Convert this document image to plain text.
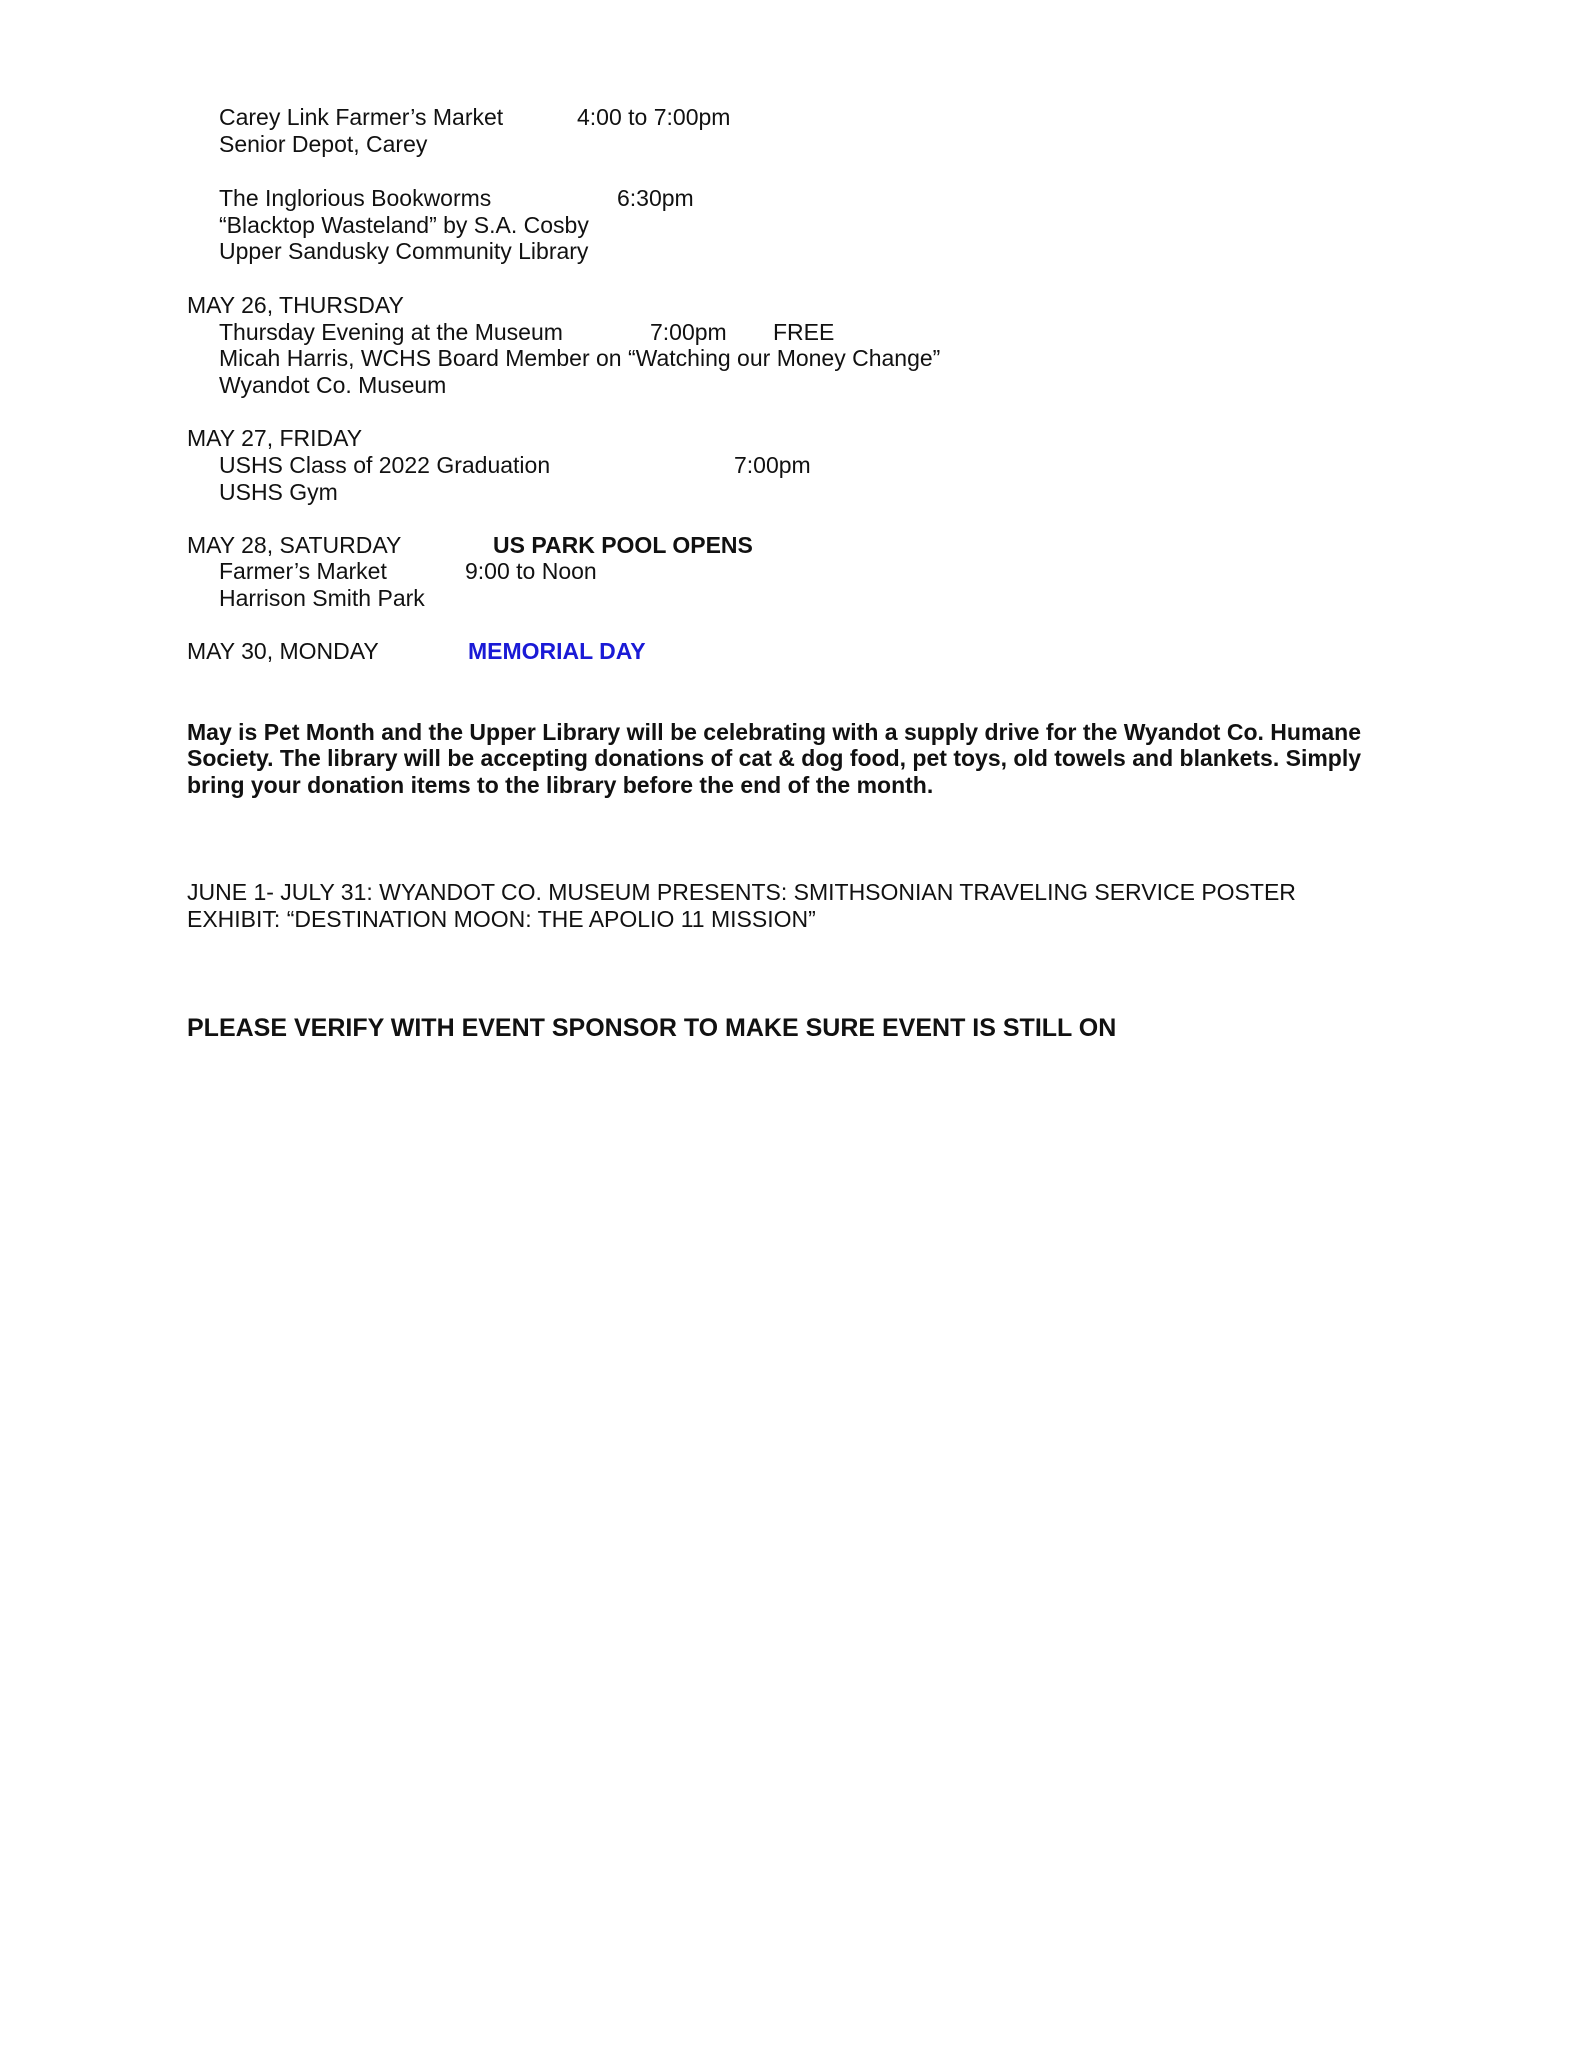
Carey Link Farmer’s Market	4:00 to 7:00pm
Senior Depot, Carey
The Inglorious Bookworms	6:30pm
“Blacktop Wasteland” by S.A. Cosby
Upper Sandusky Community Library
MAY 26, THURSDAY
Thursday Evening at the Museum	7:00pm FREE
Micah Harris, WCHS Board Member on “Watching our Money Change”
Wyandot Co. Museum
MAY 27, FRIDAY
USHS Class of 2022 Graduation	7:00pm
USHS Gym
MAY 28, SATURDAY	US PARK POOL OPENS
Farmer’s Market	9:00 to Noon
Harrison Smith Park
MAY 30, MONDAY	MEMORIAL DAY
May is Pet Month and the Upper Library will be celebrating with a supply drive for the Wyandot Co. Humane
Society. The library will be accepting donations of cat & dog food, pet toys, old towels and blankets. Simply
bring your donation items to the library before the end of the month.
JUNE 1- JULY 31: WYANDOT CO. MUSEUM PRESENTS: SMITHSONIAN TRAVELING SERVICE POSTER
EXHIBIT: “DESTINATION MOON: THE APOLIO 11 MISSION”
PLEASE VERIFY WITH EVENT SPONSOR TO MAKE SURE EVENT IS STILL ON
